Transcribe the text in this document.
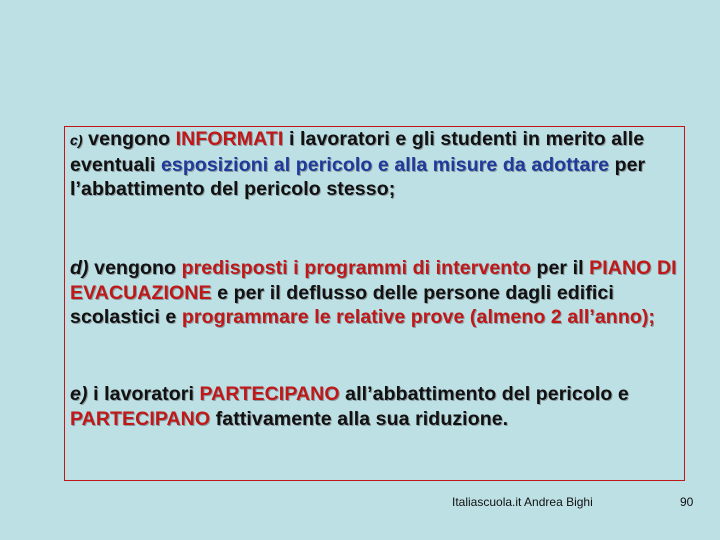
c) vengono INFORMATI i lavoratori e gli studenti in merito alle eventuali esposizioni al pericolo e alla misure da adottare per l’abbattimento del pericolo stesso;
d) vengono predisposti i programmi di intervento per il PIANO DI EVACUAZIONE e per il deflusso delle persone dagli edifici scolastici e programmare le relative prove (almeno 2 all’anno);
e) i lavoratori PARTECIPANO all’abbattimento del pericolo e PARTECIPANO fattivamente alla sua riduzione.
Italiascuola.it Andrea Bighi	90
